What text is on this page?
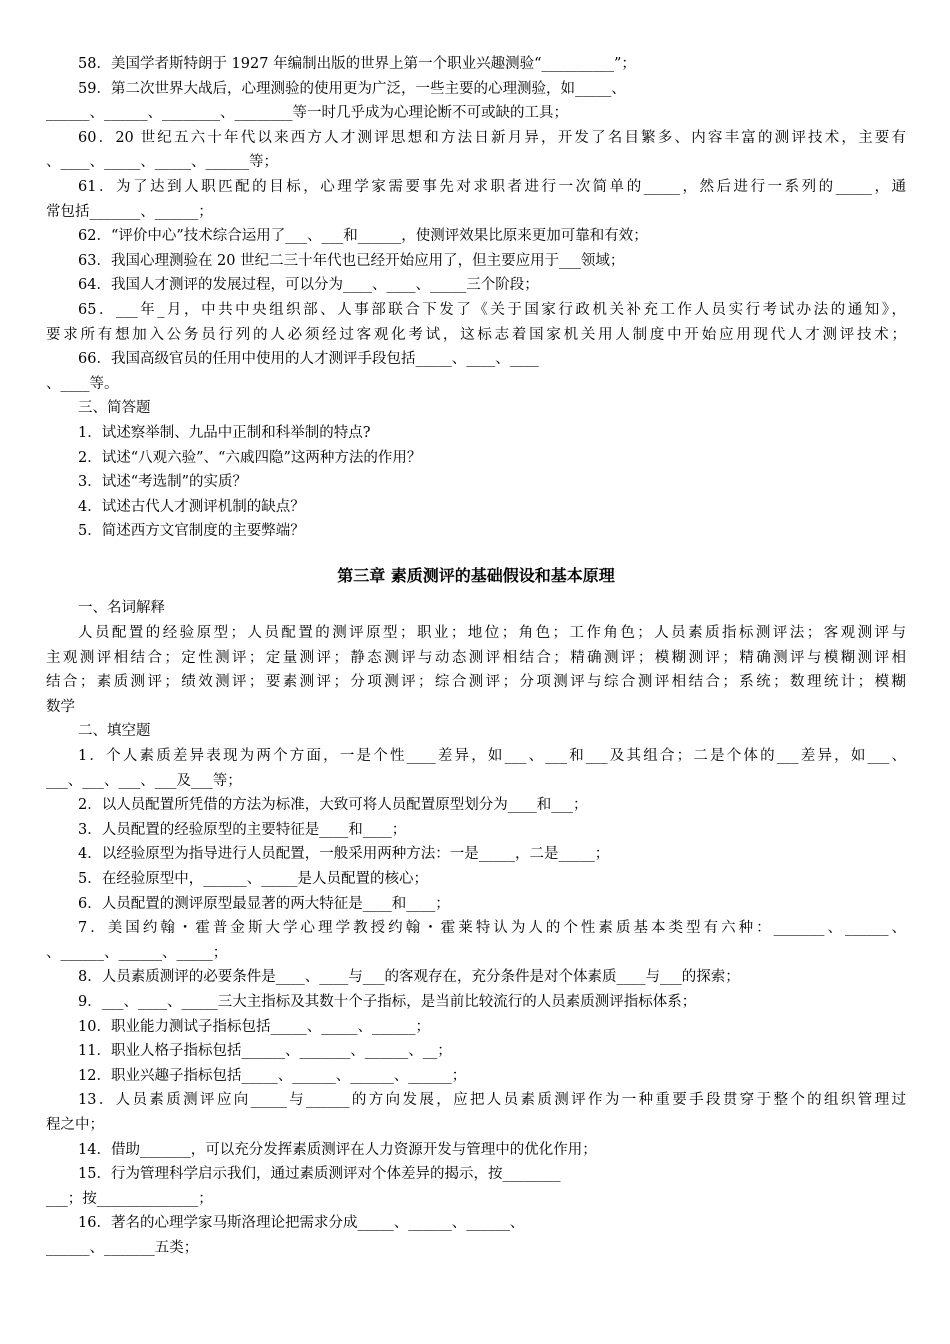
58．美国学者斯特朗于 1927 年编制出版的世界上第一个职业兴趣测验“__________”；
59．第二次世界大战后，心理测验的使用更为广泛，一些主要的心理测验，如_____、
______、______、________、________等一时几乎成为心理论断不可或缺的工具；
60．20 世纪五六十年代以来西方人才测评思想和方法日新月异，开发了名目繁多、内容丰富的测评技术，主要有
、____、_____、_____、______等；
61．为了达到人职匹配的目标，心理学家需要事先对求职者进行一次简单的_____，然后进行一系列的_____，通
常包括_______、______；
62．“评价中心”技术综合运用了___、___和______，使测评效果比原来更加可靠和有效；
63．我国心理测验在 20 世纪二三十年代也已经开始应用了，但主要应用于___领域；
64．我国人才测评的发展过程，可以分为____、____、_____三个阶段；
65．___年_月，中共中央组织部、人事部联合下发了《关于国家行政机关补充工作人员实行考试办法的通知》，
要求所有想加入公务员行列的人必须经过客观化考试，这标志着国家机关用人制度中开始应用现代人才测评技术；
66．我国高级官员的任用中使用的人才测评手段包括_____、____、____
、____等。
三、简答题
1．试述察举制、九品中正制和科举制的特点?
2．试述“八观六验”、“六戚四隐”这两种方法的作用？
3．试述“考选制”的实质？
4．试述古代人才测评机制的缺点？
5．简述西方文官制度的主要弊端？
第三章 素质测评的基础假设和基本原理
一、名词解释
人员配置的经验原型；人员配置的测评原型；职业；地位；角色；工作角色；人员素质指标测评法；客观测评与
主观测评相结合；定性测评；定量测评；静态测评与动态测评相结合；精确测评；模糊测评；精确测评与模糊测评相
结合；素质测评；绩效测评；要素测评；分项测评；综合测评；分项测评与综合测评相结合；系统；数理统计；模糊
数学
二、填空题
1．个人素质差异表现为两个方面，一是个性____差异，如___、___和___及其组合；二是个体的___差异，如___、
___、___、___、___及___等；
2．以人员配置所凭借的方法为标准，大致可将人员配置原型划分为____和___；
3．人员配置的经验原型的主要特征是____和____；
4．以经验原型为指导进行人员配置，一般采用两种方法：一是_____，二是_____；
5．在经验原型中，______、_____是人员配置的核心；
6．人员配置的测评原型最显著的两大特征是____和____；
7．美国约翰・霍普金斯大学心理学教授约翰・霍莱特认为人的个性素质基本类型有六种：_______、______、
、______、______、_____；
8．人员素质测评的必要条件是____、____与___的客观存在，充分条件是对个体素质____与___的探索；
9．___、____、_____三大主指标及其数十个子指标，是当前比较流行的人员素质测评指标体系；
10．职业能力测试子指标包括_____、_____、______；
11．职业人格子指标包括______、_______、______、__；
12．职业兴趣子指标包括_____、______、______、______；
13．人员素质测评应向_____与______的方向发展，应把人员素质测评作为一种重要手段贯穿于整个的组织管理过
程之中；
14．借助_______，可以充分发挥素质测评在人力资源开发与管理中的优化作用；
15．行为管理科学启示我们，通过素质测评对个体差异的揭示，按________
___；按______________；
16．著名的心理学家马斯洛理论把需求分成_____、______、______、
______、_______五类；
